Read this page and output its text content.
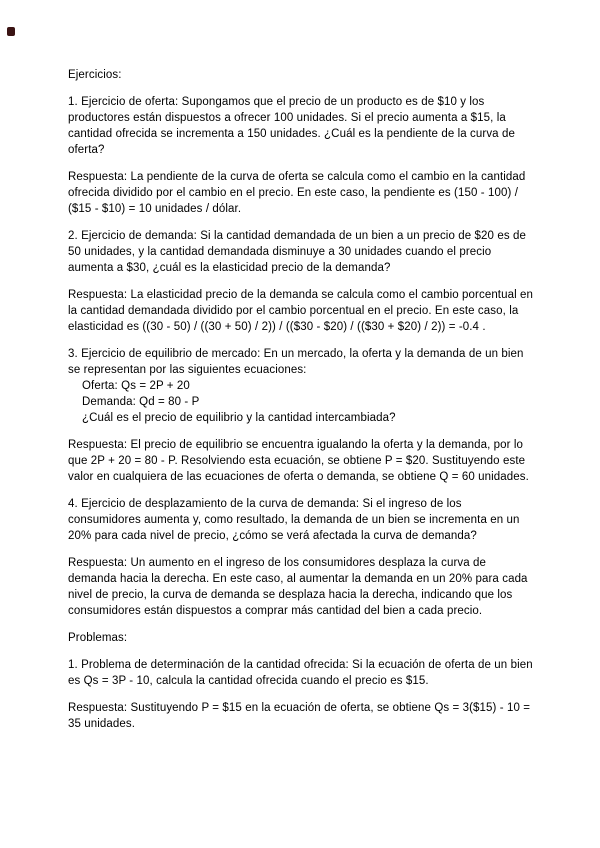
Ejercicios:

1. Ejercicio de oferta: Supongamos que el precio de un producto es de $10 y los productores están dispuestos a ofrecer 100 unidades. Si el precio aumenta a $15, la cantidad ofrecida se incrementa a 150 unidades. ¿Cuál es la pendiente de la curva de oferta?

Respuesta: La pendiente de la curva de oferta se calcula como el cambio en la cantidad ofrecida dividido por el cambio en el precio. En este caso, la pendiente es (150 - 100) / ($15 - $10) = 10 unidades / dólar.

2. Ejercicio de demanda: Si la cantidad demandada de un bien a un precio de $20 es de 50 unidades, y la cantidad demandada disminuye a 30 unidades cuando el precio aumenta a $30, ¿cuál es la elasticidad precio de la demanda?

Respuesta: La elasticidad precio de la demanda se calcula como el cambio porcentual en la cantidad demandada dividido por el cambio porcentual en el precio. En este caso, la elasticidad es ((30 - 50) / ((30 + 50) / 2)) / (($30 - $20) / (($30 + $20) / 2)) = -0.4 .

3. Ejercicio de equilibrio de mercado: En un mercado, la oferta y la demanda de un bien se representan por las siguientes ecuaciones:

Oferta: Qs = 2P + 20

Demanda: Qd = 80 - P

¿Cuál es el precio de equilibrio y la cantidad intercambiada?

Respuesta: El precio de equilibrio se encuentra igualando la oferta y la demanda, por lo que 2P + 20 = 80 - P. Resolviendo esta ecuación, se obtiene P = $20. Sustituyendo este valor en cualquiera de las ecuaciones de oferta o demanda, se obtiene Q = 60 unidades.

4. Ejercicio de desplazamiento de la curva de demanda: Si el ingreso de los consumidores aumenta y, como resultado, la demanda de un bien se incrementa en un 20% para cada nivel de precio, ¿cómo se verá afectada la curva de demanda?

Respuesta: Un aumento en el ingreso de los consumidores desplaza la curva de demanda hacia la derecha. En este caso, al aumentar la demanda en un 20% para cada nivel de precio, la curva de demanda se desplaza hacia la derecha, indicando que los consumidores están dispuestos a comprar más cantidad del bien a cada precio.

Problemas:

1. Problema de determinación de la cantidad ofrecida: Si la ecuación de oferta de un bien es Qs = 3P - 10, calcula la cantidad ofrecida cuando el precio es $15.

Respuesta: Sustituyendo P = $15 en la ecuación de oferta, se obtiene Qs = 3($15) - 10 = 35 unidades.
